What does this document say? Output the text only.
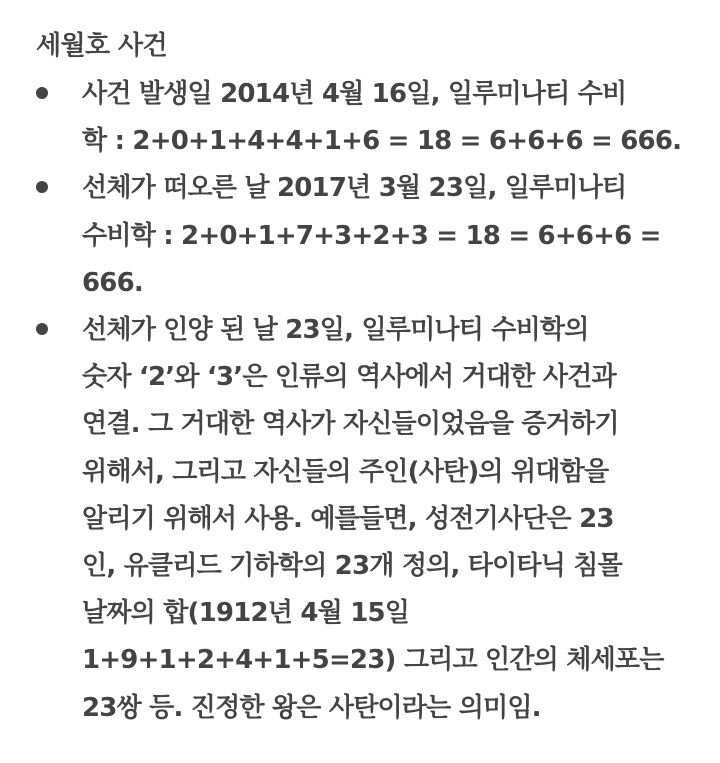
세월호 사건
사건 발생일 2014년 4월 16일, 일루미나티 수비
학 : 2+0+1+4+4+1+6 = 18 = 6+6+6 = 666.
선체가 떠오른 날 2017년 3월 23일, 일루미나티
수비학 : 2+0+1+7+3+2+3 = 18 = 6+6+6 =
666.
선체가 인양 된 날 23일, 일루미나티 수비학의
숫자 ‘2’와 ‘3’은 인류의 역사에서 거대한 사건과
연결. 그 거대한 역사가 자신들이었음을 증거하기
위해서, 그리고 자신들의 주인(사탄)의 위대함을
알리기 위해서 사용. 예를들면, 성전기사단은 23
인, 유클리드 기하학의 23개 정의, 타이타닉 침몰
날짜의 합(1912년 4월 15일
1+9+1+2+4+1+5=23) 그리고 인간의 체세포는
23쌍 등. 진정한 왕은 사탄이라는 의미임.
